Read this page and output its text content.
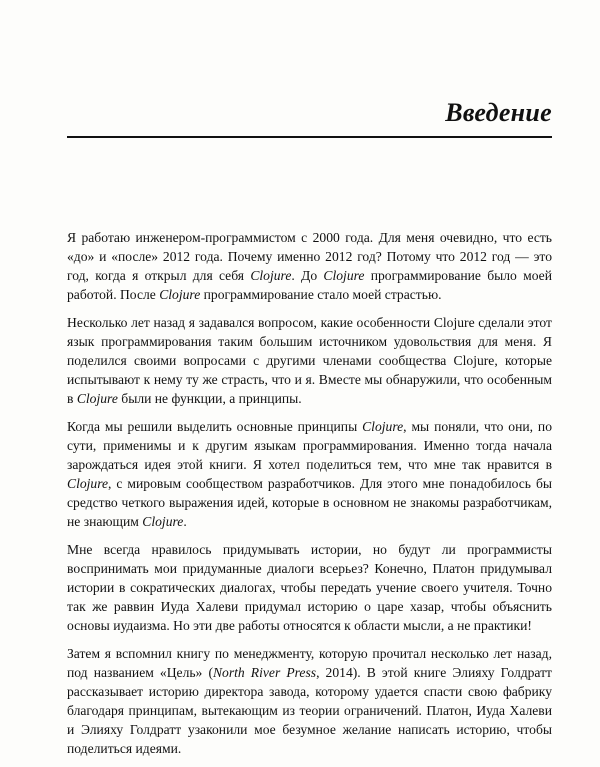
Введение

Я работаю инженером-программистом с 2000 года. Для меня очевидно, что есть «до» и «после» 2012 года. Почему именно 2012 год? Потому что 2012 год — это год, когда я открыл для себя Clojure. До Clojure программирование было моей работой. После Clojure программирование стало моей страстью.

Несколько лет назад я задавался вопросом, какие особенности Clojure сделали этот язык программирования таким большим источником удовольствия для меня. Я поделился своими вопросами с другими членами сообщества Clojure, которые испытывают к нему ту же страсть, что и я. Вместе мы обнаружили, что особенным в Clojure были не функции, а принципы.

Когда мы решили выделить основные принципы Clojure, мы поняли, что они, по сути, применимы и к другим языкам программирования. Именно тогда начала зарождаться идея этой книги. Я хотел поделиться тем, что мне так нравится в Clojure, с мировым сообществом разработчиков. Для этого мне понадобилось бы средство четкого выражения идей, которые в основном не знакомы разработчикам, не знающим Clojure.

Мне всегда нравилось придумывать истории, но будут ли программисты воспринимать мои придуманные диалоги всерьез? Конечно, Платон придумывал истории в сократических диалогах, чтобы передать учение своего учителя. Точно так же раввин Иуда Халеви придумал историю о царе хазар, чтобы объяснить основы иудаизма. Но эти две работы относятся к области мысли, а не практики!

Затем я вспомнил книгу по менеджменту, которую прочитал несколько лет назад, под названием «Цель» (North River Press, 2014). В этой книге Элияху Голдратт рассказывает историю директора завода, которому удается спасти свою фабрику благодаря принципам, вытекающим из теории ограничений. Платон, Иуда Халеви и Элияху Голдратт узаконили мое безумное желание написать историю, чтобы поделиться идеями.
